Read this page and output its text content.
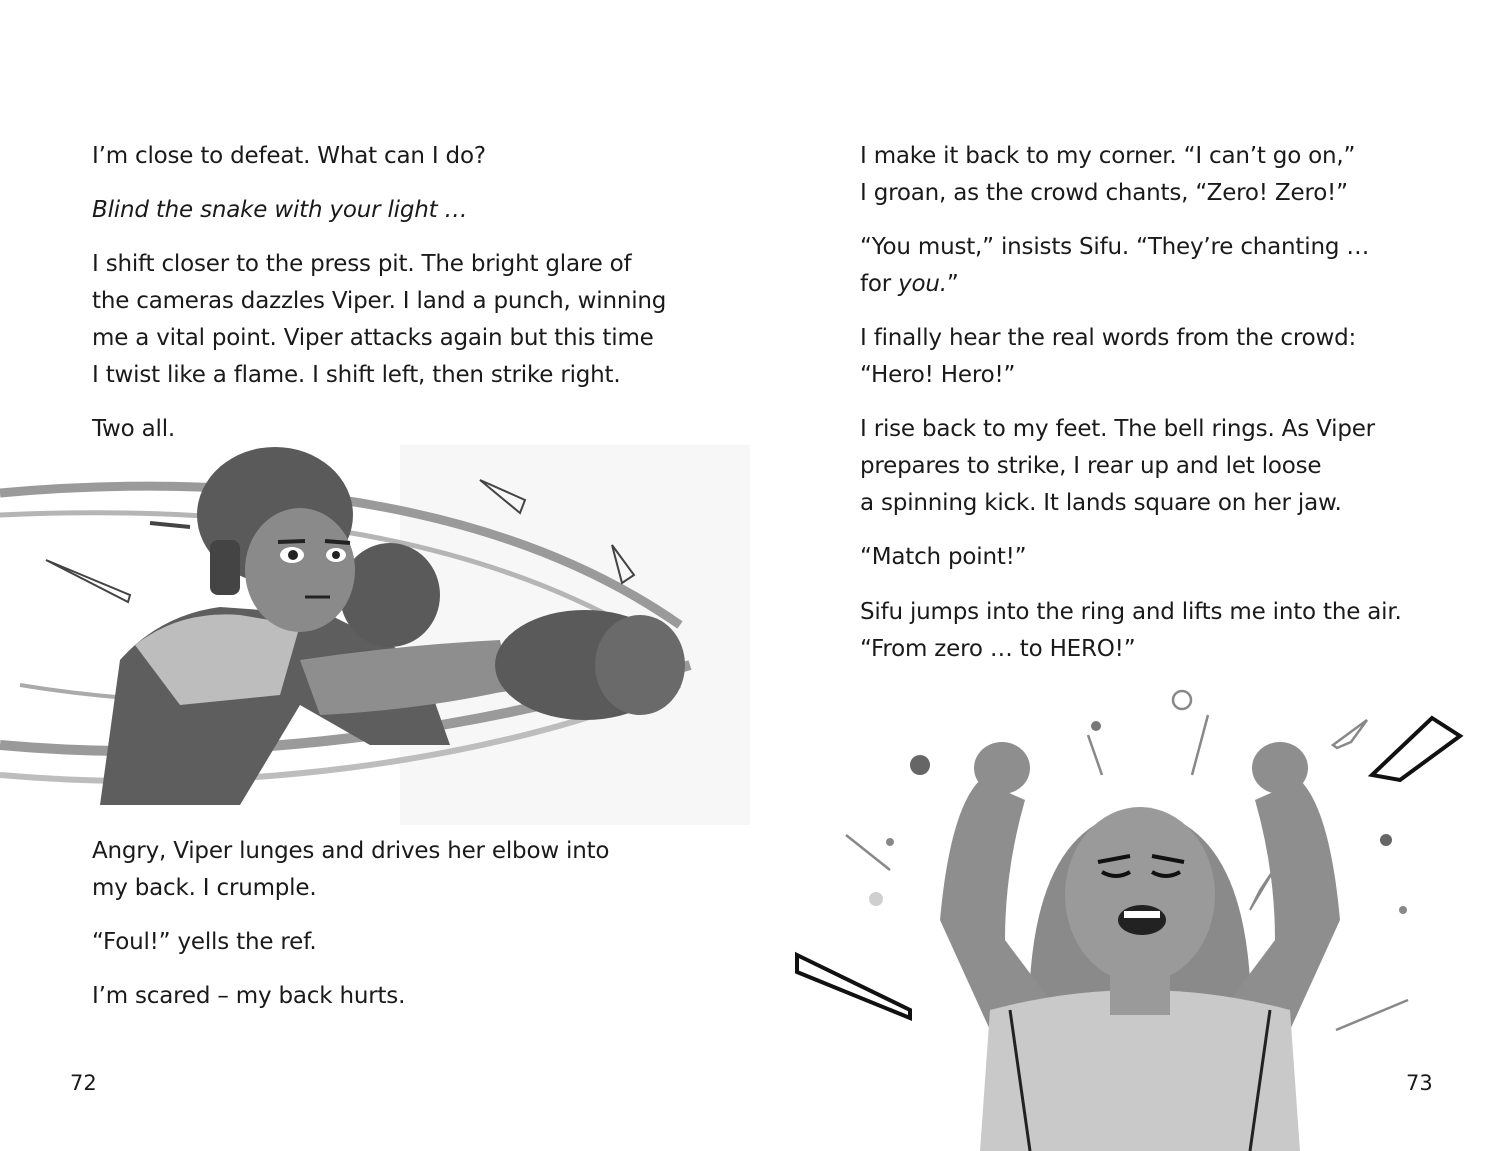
I’m close to defeat. What can I do?

Blind the snake with your light …

I shift closer to the press pit. The bright glare of
the cameras dazzles Viper. I land a punch, winning
me a vital point. Viper attacks again but this time
I twist like a flame. I shift left, then strike right.

Two all.

Angry, Viper lunges and drives her elbow into
my back. I crumple.

“Foul!” yells the ref.

I’m scared – my back hurts.

72

I make it back to my corner. “I can’t go on,”
I groan, as the crowd chants, “Zero! Zero!”

“You must,” insists Sifu. “They’re chanting …
for you.”

I finally hear the real words from the crowd:
“Hero! Hero!”

I rise back to my feet. The bell rings. As Viper
prepares to strike, I rear up and let loose
a spinning kick. It lands square on her jaw.

“Match point!”

Sifu jumps into the ring and lifts me into the air.
“From zero … to HERO!”

73
